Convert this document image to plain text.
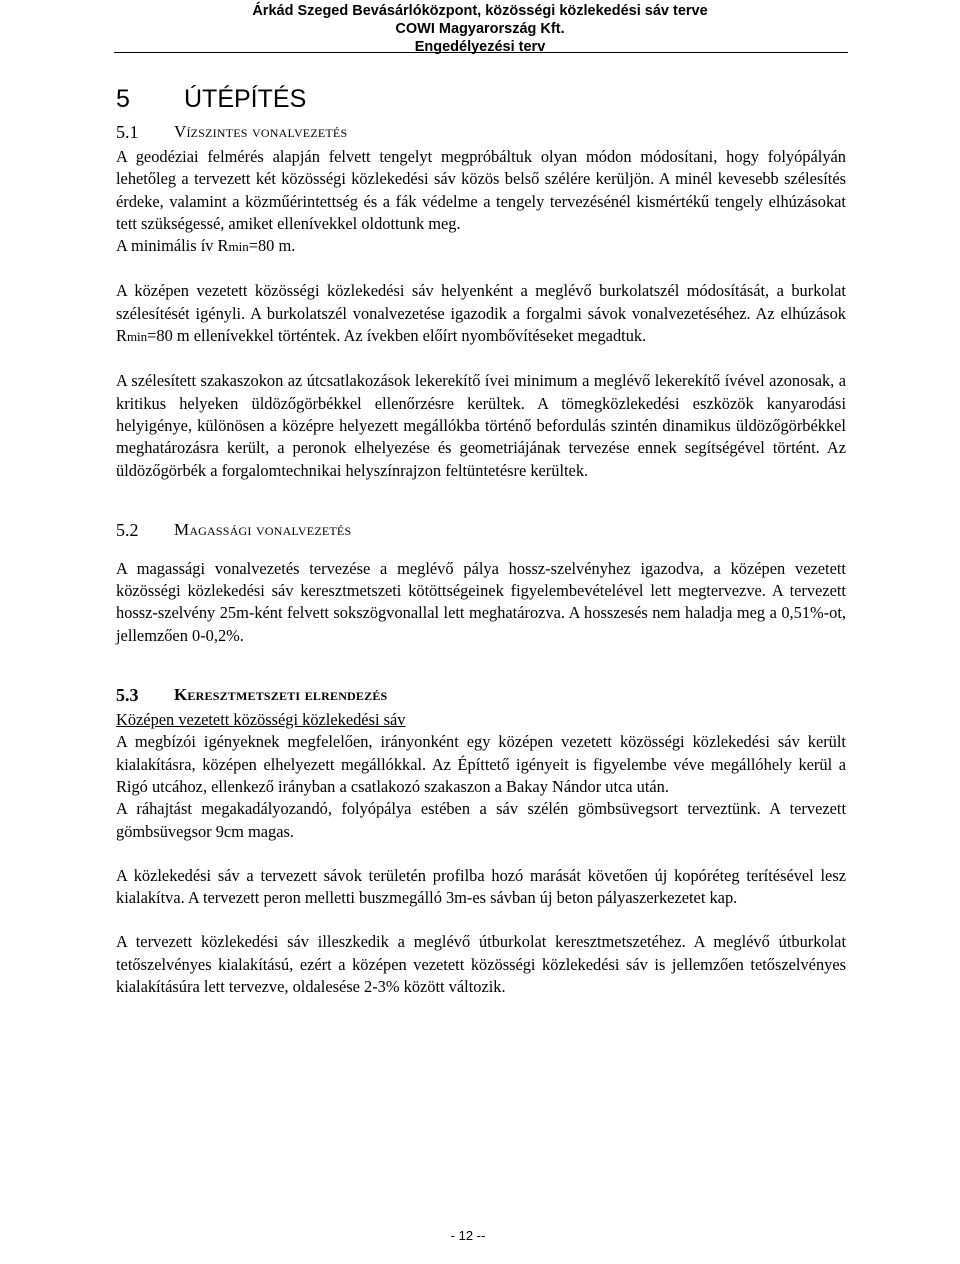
Árkád Szeged Bevásárlóközpont, közösségi közlekedési sáv terve
COWI Magyarország Kft.
Engedélyezési terv
5	ÚTÉPÍTÉS
5.1	Vízszintes vonalvezetés

A geodéziai felmérés alapján felvett tengelyt megpróbáltuk olyan módon módosítani, hogy folyópályán lehetőleg a tervezett két közösségi közlekedési sáv közös belső szélére kerüljön. A minél kevesebb szélesítés érdeke, valamint a közműérintettség és a fák védelme a tengely tervezésénél kismértékű tengely elhúzásokat tett szükségessé, amiket ellenívekkel oldottunk meg.

A minimális ív Rmin=80 m.

A középen vezetett közösségi közlekedési sáv helyenként a meglévő burkolatszél módosítását, a burkolat szélesítését igényli. A burkolatszél vonalvezetése igazodik a forgalmi sávok vonalvezetéséhez. Az elhúzások Rmin=80 m ellenívekkel történtek. Az ívekben előírt nyombővítéseket megadtuk.

A szélesített szakaszokon az útcsatlakozások lekerekítő ívei minimum a meglévő lekerekítő ívével azonosak, a kritikus helyeken üldözőgörbékkel ellenőrzésre kerültek. A tömegközlekedési eszközök kanyarodási helyigénye, különösen a középre helyezett megállókba történő befordulás szintén dinamikus üldözőgörbékkel meghatározásra került, a peronok elhelyezése és geometriájának tervezése ennek segítségével történt. Az üldözőgörbék a forgalomtechnikai helyszínrajzon feltüntetésre kerültek.

5.2	Magassági vonalvezetés

A magassági vonalvezetés tervezése a meglévő pálya hossz-szelvényhez igazodva, a középen vezetett közösségi közlekedési sáv keresztmetszeti kötöttségeinek figyelembevételével lett megtervezve. A tervezett hossz-szelvény 25m-ként felvett sokszögvonallal lett meghatározva. A hosszesés nem haladja meg a 0,51%-ot, jellemzően 0-0,2%.

5.3	Keresztmetszeti elrendezés

Középen vezetett közösségi közlekedési sáv

A megbízói igényeknek megfelelően, irányonként egy középen vezetett közösségi közlekedési sáv került kialakításra, középen elhelyezett megállókkal. Az Építtető igényeit is figyelembe véve megállóhely kerül a Rigó utcához, ellenkező irányban a csatlakozó szakaszon a Bakay Nándor utca után.

A ráhajtást megakadályozandó, folyópálya estében a sáv szélén gömbsüvegsort terveztünk. A tervezett gömbsüvegsor 9cm magas.

A közlekedési sáv a tervezett sávok területén profilba hozó marását követően új kopóréteg terítésével lesz kialakítva. A tervezett peron melletti buszmegálló 3m-es sávban új beton pályaszerkezetet kap.

A tervezett közlekedési sáv illeszkedik a meglévő útburkolat keresztmetszetéhez. A meglévő útburkolat tetőszelvényes kialakítású, ezért a középen vezetett közösségi közlekedési sáv is jellemzően tetőszelvényes kialakításúra lett tervezve, oldalesése 2-3% között változik.

- 12 --
